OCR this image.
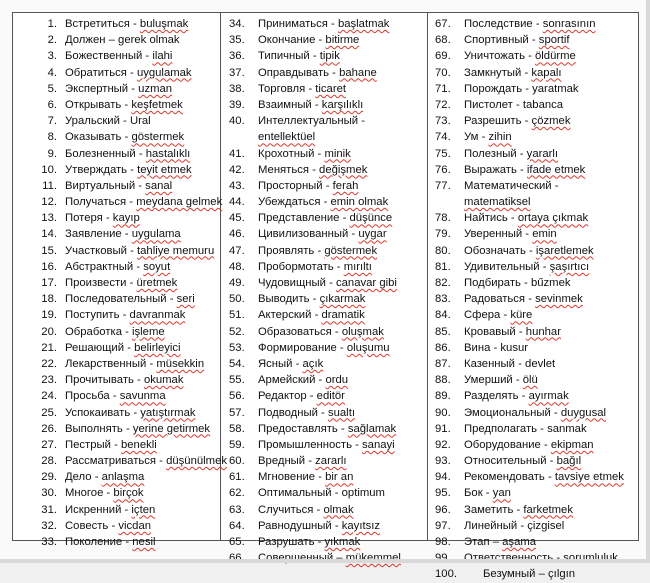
1. Встретиться - buluşmak
2. Должен – gerek olmak
3. Божественный - ilahi
4. Обратиться - uygulamak
5. Экспертный - uzman
6. Открывать - keşfetmek
7. Уральский - Ural
8. Оказывать - göstermek
9. Болезненный - hastalıklı
10. Утверждать - teyit etmek
11. Виртуальный - sanal
12. Получаться - meydana gelmek
13. Потеря - kayıp
14. Заявление - uygulama
15. Участковый - tahliye memuru
16. Абстрактный - soyut
17. Произвести - üretmek
18. Последовательный - seri
19. Поступить - davranmak
20. Обработка - işleme
21. Решающий - belirleyici
22. Лекарственный - müsekkin
23. Прочитывать - okumak
24. Просьба - savunma
25. Успокаивать - yatıştırmak
26. Выполнять - yerine getirmek
27. Пестрый - benekli
28. Рассматриваться - düşünülmek
29. Дело - anlaşma
30. Многое - birçok
31. Искренний - içten
32. Совесть - vicdan
33. Поколение - nesil
34. Приниматься - başlatmak
35. Окончание - bitirme
36. Типичный - tipik
37. Оправдывать - bahane
38. Торговля - ticaret
39. Взаимный - karşılıklı
40. Интеллектуальный -
entellektüel
41. Крохотный - minik
42. Меняться - değişmek
43. Просторный - ferah
44. Убеждаться - emin olmak
45. Представление - düşünce
46. Цивилизованный - uygar
47. Проявлять - göstermek
48. Пробормотать - mırıltı
49. Чудовищный - canavar gibi
50. Выводить - çıkarmak
51. Актерский - dramatik
52. Образоваться - oluşmak
53. Формирование - oluşumu
54. Ясный - açık
55. Армейский - ordu
56. Редактор - editör
57. Подводный - sualtı
58. Предоставлять - sağlamak
59. Промышленность - sanayi
60. Вредный - zararlı
61. Мгновение - bir an
62. Оптимальный - optimum
63. Случиться - olmak
64. Равнодушный - kayıtsız
65. Разрушать - yıkmak
67. Последствие - sonrasının
68. Спортивный - sportif
69. Уничтожать - öldürme
70. Замкнутый - kapalı
71. Порождать - yaratmak
72. Пистолет - tabanca
73. Разрешить - çözmek
74. Ум - zihin
75. Полезный - yararlı
76. Выражать - ifade etmek
77. Математический -
matematiksel
78. Найтись - ortaya çıkmak
79. Уверенный - emin
80. Обозначать - işaretlemek
81. Удивительный - şaşırtıcı
82. Подбирать - bűzmek
83. Радоваться - sevinmek
84. Сфера - küre
85. Кровавый - hunhar
86. Вина - kusur
87. Казенный - devlet
88. Умерший - ölü
89. Разделять - ayırmak
90. Эмоциональный - duygusal
91. Предполагать - sanmak
92. Оборудование - ekipman
93. Относительный - bağıl
94. Рекомендовать - tavsiye etmek
95. Бок - yan
96. Заметить - farketmek
97. Линейный - çizgisel
98. Этап – aşama
100. Безумный – çılgın
